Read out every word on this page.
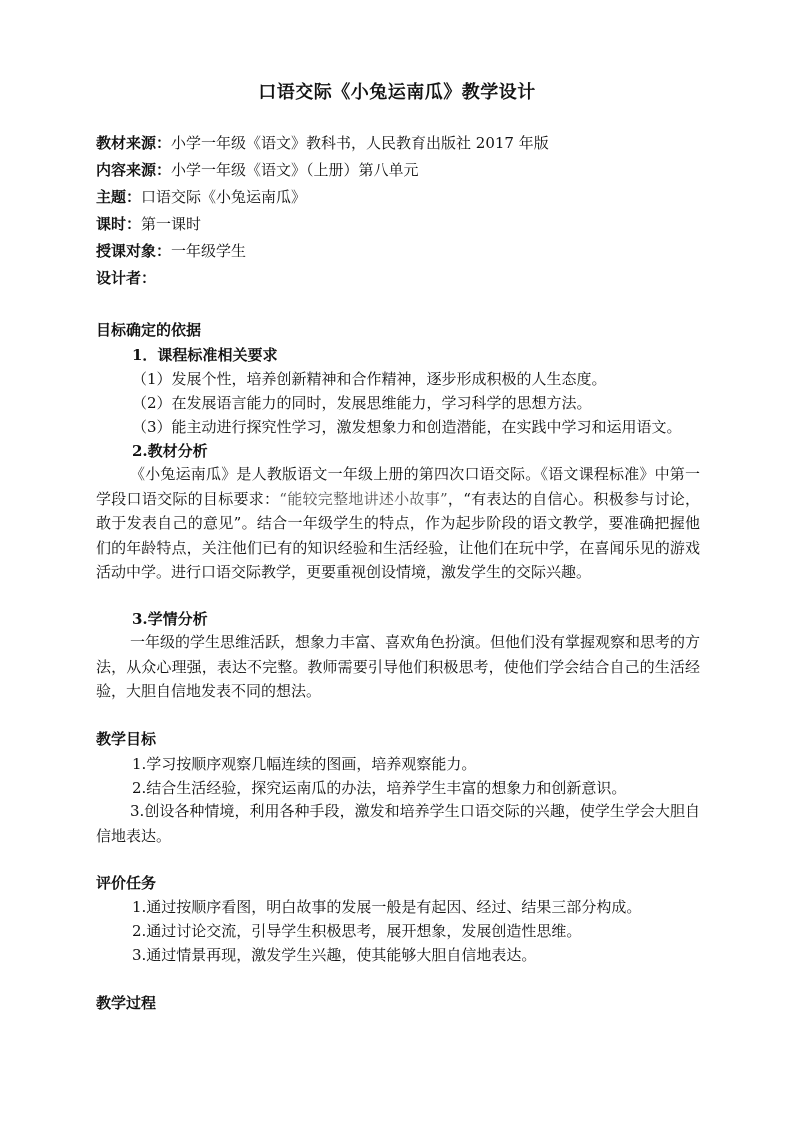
口语交际《小兔运南瓜》教学设计
教材来源：小学一年级《语文》教科书，人民教育出版社 2017 年版
内容来源：小学一年级《语文》（上册）第八单元
主题：口语交际《小兔运南瓜》
课时：第一课时
授课对象：一年级学生
设计者：
目标确定的依据
1．课程标准相关要求
（1）发展个性，培养创新精神和合作精神，逐步形成积极的人生态度。
（2）在发展语言能力的同时，发展思维能力，学习科学的思想方法。
（3）能主动进行探究性学习，激发想象力和创造潜能，在实践中学习和运用语文。
2.教材分析
《小兔运南瓜》是人教版语文一年级上册的第四次口语交际。《语文课程标准》中第一学段口语交际的目标要求：“能较完整地讲述小故事”，“有表达的自信心。积极参与讨论，敢于发表自己的意见”。结合一年级学生的特点，作为起步阶段的语文教学，要准确把握他们的年龄特点，关注他们已有的知识经验和生活经验，让他们在玩中学，在喜闻乐见的游戏活动中学。进行口语交际教学，更要重视创设情境，激发学生的交际兴趣。
3.学情分析
一年级的学生思维活跃，想象力丰富、喜欢角色扮演。但他们没有掌握观察和思考的方法，从众心理强，表达不完整。教师需要引导他们积极思考，使他们学会结合自己的生活经验，大胆自信地发表不同的想法。
教学目标
1.学习按顺序观察几幅连续的图画，培养观察能力。
2.结合生活经验，探究运南瓜的办法，培养学生丰富的想象力和创新意识。
3.创设各种情境，利用各种手段，激发和培养学生口语交际的兴趣，使学生学会大胆自信地表达。
评价任务
1.通过按顺序看图，明白故事的发展一般是有起因、经过、结果三部分构成。
2.通过讨论交流，引导学生积极思考，展开想象，发展创造性思维。
3.通过情景再现，激发学生兴趣，使其能够大胆自信地表达。
教学过程
